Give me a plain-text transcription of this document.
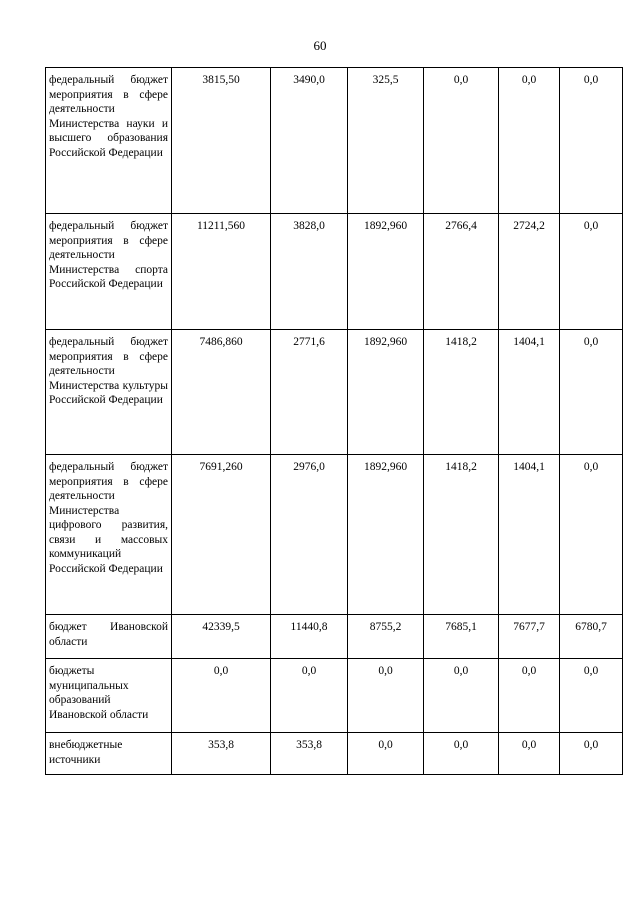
60
федеральный бюджет мероприятия в сфере деятельности Министерства науки и высшего образования Российской Федерации	3815,50	3490,0	325,5	0,0	0,0	0,0
федеральный бюджет мероприятия в сфере деятельности Министерства спорта Российской Федерации	11211,560	3828,0	1892,960	2766,4	2724,2	0,0
федеральный бюджет мероприятия в сфере деятельности Министерства культуры Российской Федерации	7486,860	2771,6	1892,960	1418,2	1404,1	0,0
федеральный бюджет мероприятия в сфере деятельности Министерства цифрового развития, связи и массовых коммуникаций Российской Федерации	7691,260	2976,0	1892,960	1418,2	1404,1	0,0
бюджет Ивановской области	42339,5	11440,8	8755,2	7685,1	7677,7	6780,7
бюджеты муниципальных образований Ивановской области	0,0	0,0	0,0	0,0	0,0	0,0
внебюджетные источники	353,8	353,8	0,0	0,0	0,0	0,0
